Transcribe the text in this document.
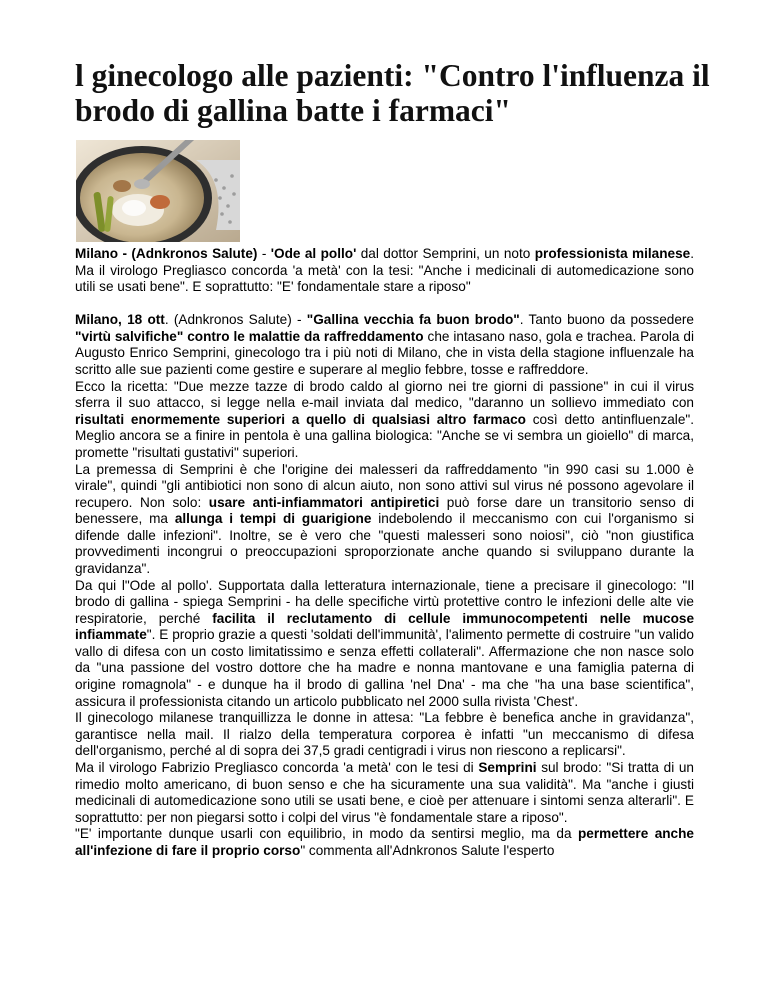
l ginecologo alle pazienti: "Contro l'influenza il brodo di gallina batte i farmaci"

Milano - (Adnkronos Salute) - 'Ode al pollo' dal dottor Semprini, un noto professionista milanese. Ma il virologo Pregliasco concorda 'a metà' con la tesi: "Anche i medicinali di automedicazione sono utili se usati bene". E soprattutto: "E' fondamentale stare a riposo"

Milano, 18 ott. (Adnkronos Salute) - "Gallina vecchia fa buon brodo". Tanto buono da possedere "virtù salvifiche" contro le malattie da raffreddamento che intasano naso, gola e trachea. Parola di Augusto Enrico Semprini, ginecologo tra i più noti di Milano, che in vista della stagione influenzale ha scritto alle sue pazienti come gestire e superare al meglio febbre, tosse e raffreddore.

Ecco la ricetta: "Due mezze tazze di brodo caldo al giorno nei tre giorni di passione" in cui il virus sferra il suo attacco, si legge nella e-mail inviata dal medico, "daranno un sollievo immediato con risultati enormemente superiori a quello di qualsiasi altro farmaco così detto antinfluenzale". Meglio ancora se a finire in pentola è una gallina biologica: "Anche se vi sembra un gioiello" di marca, promette "risultati gustativi" superiori.

La premessa di Semprini è che l'origine dei malesseri da raffreddamento "in 990 casi su 1.000 è virale", quindi "gli antibiotici non sono di alcun aiuto, non sono attivi sul virus né possono agevolare il recupero. Non solo: usare anti-infiammatori antipiretici può forse dare un transitorio senso di benessere, ma allunga i tempi di guarigione indebolendo il meccanismo con cui l'organismo si difende dalle infezioni". Inoltre, se è vero che "questi malesseri sono noiosi", ciò "non giustifica provvedimenti incongrui o preoccupazioni sproporzionate anche quando si sviluppano durante la gravidanza".

Da qui l"Ode al pollo'. Supportata dalla letteratura internazionale, tiene a precisare il ginecologo: "Il brodo di gallina - spiega Semprini - ha delle specifiche virtù protettive contro le infezioni delle alte vie respiratorie, perché facilita il reclutamento di cellule immunocompetenti nelle mucose infiammate". E proprio grazie a questi 'soldati dell'immunità', l'alimento permette di costruire "un valido vallo di difesa con un costo limitatissimo e senza effetti collaterali". Affermazione che non nasce solo da "una passione del vostro dottore che ha madre e nonna mantovane e una famiglia paterna di origine romagnola" - e dunque ha il brodo di gallina 'nel Dna' - ma che "ha una base scientifica", assicura il professionista citando un articolo pubblicato nel 2000 sulla rivista 'Chest'.

Il ginecologo milanese tranquillizza le donne in attesa: "La febbre è benefica anche in gravidanza", garantisce nella mail. Il rialzo della temperatura corporea è infatti "un meccanismo di difesa dell'organismo, perché al di sopra dei 37,5 gradi centigradi i virus non riescono a replicarsi".

Ma il virologo Fabrizio Pregliasco concorda 'a metà' con le tesi di Semprini sul brodo: "Si tratta di un rimedio molto americano, di buon senso e che ha sicuramente una sua validità". Ma "anche i giusti medicinali di automedicazione sono utili se usati bene, e cioè per attenuare i sintomi senza alterarli". E soprattutto: per non piegarsi sotto i colpi del virus "è fondamentale stare a riposo".

"E' importante dunque usarli con equilibrio, in modo da sentirsi meglio, ma da permettere anche all'infezione di fare il proprio corso" commenta all'Adnkronos Salute l'esperto
